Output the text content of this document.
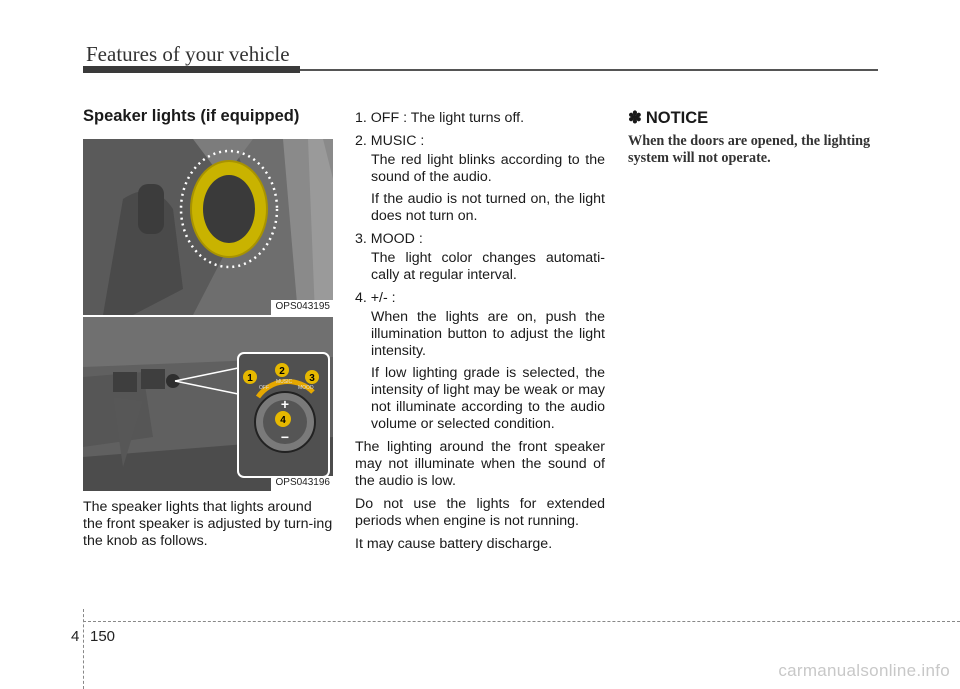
Features of your vehicle
Speaker lights (if equipped)
OPS043195
1
2
3
4
OFF
MUSIC
MOOD
+
−
OPS043196

The speaker lights that lights around the front speaker is adjusted by turn-ing the knob as follows.

1. OFF : The light turns off.
2. MUSIC :

The red light blinks according to the sound of the audio.

If the audio is not turned on, the light does not turn on.

3. MOOD :

The light color changes automati-cally at regular interval.

4. +/- :

When the lights are on, push the illumination button to adjust the light intensity.

If low lighting grade is selected, the intensity of light may be weak or may not illuminate according to the audio volume or selected condition.

The lighting around the front speaker may not illuminate when the sound of the audio is low.

Do not use the lights for extended periods when engine is not running.

It may cause battery discharge.

✽ NOTICE
When the doors are opened, the lighting system will not operate.
4 150
carmanualsonline.info
